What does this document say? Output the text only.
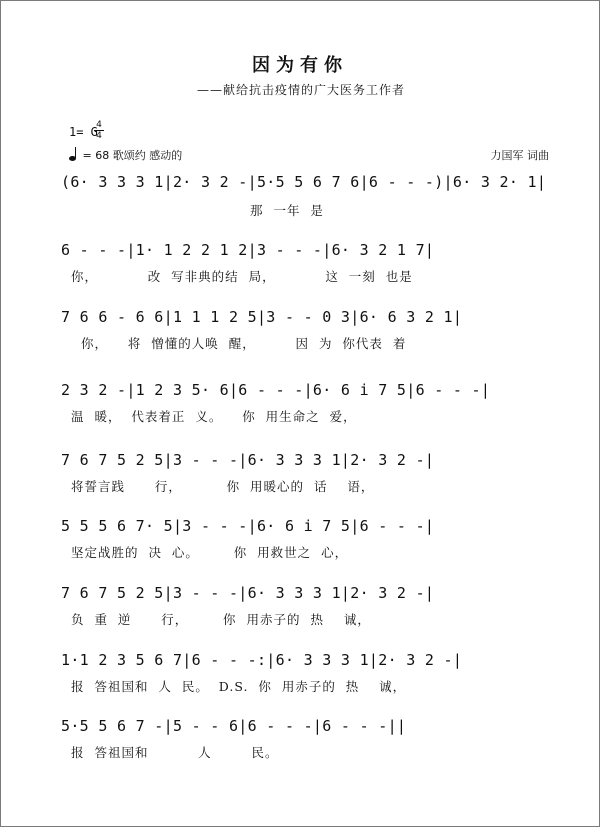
因为有你
——献给抗击疫情的广大医务工作者
1= G
4
4
= 68 歌颂约 感动的	力国军 词曲
(6· 3 3 3 1|2· 3 2 -|5·5 5 6 7 6|6 - - -)|6· 3 2· 1|
那  一年  是
6 - - -|1· 1 2 2 1 2|3 - - -|6· 3 2 1 7|
你，          改  写非典的结  局，          这  一刻  也是
7 6 6 - 6 6|1 1 1 2 5|3 - - 0 3|6· 6 3 2 1|
你，    将  憎懂的人唤  醒，        因  为  你代表  着
2 3 2 -|1 2 3 5· 6|6 - - -|6· 6 i 7 5|6 - - -|
温  暖，  代表着正  义。    你  用生命之  爱，
7 6 7 5 2 5|3 - - -|6· 3 3 3 1|2· 3 2 -|
将誓言践      行，         你  用暖心的  话    语，
5 5 5 6 7· 5|3 - - -|6· 6 i 7 5|6 - - -|
坚定战胜的  决  心。       你  用救世之  心，
7 6 7 5 2 5|3 - - -|6· 3 3 3 1|2· 3 2 -|
负  重  逆      行，       你  用赤子的  热    诚，
1·1 2 3 5 6 7|6 - - -:|6· 3 3 3 1|2· 3 2 -|
报  答祖国和  人  民。  D.S.  你  用赤子的  热    诚，
5·5 5 6 7 -|5 - - 6|6 - - -|6 - - -||
报  答祖国和          人        民。
